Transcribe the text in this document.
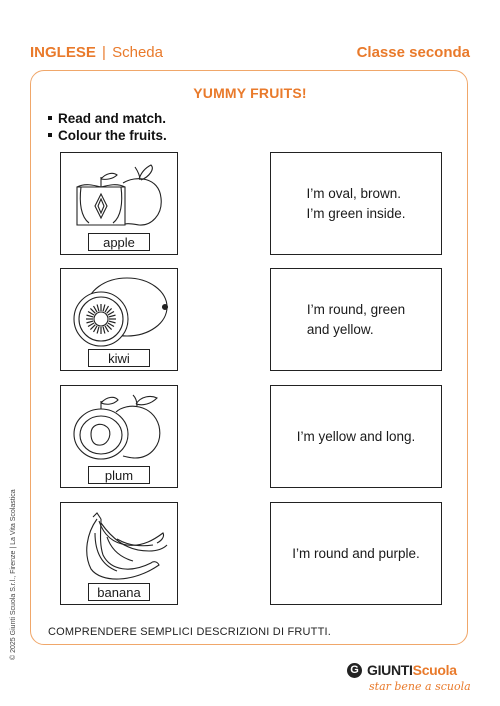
INGLESE | Scheda	Classe seconda
YUMMY FRUITS!
Read and match.
Colour the fruits.
apple
kiwi
plum
banana
I’m oval, brown.
I’m green inside.
I’m round, green
and yellow.
I’m yellow and long.
I’m round and purple.
COMPRENDERE SEMPLICI DESCRIZIONI DI FRUTTI.
© 2025 Giunti Scuola S.r.l., Firenze | La Vita Scolastica
G GIUNTIScuola
star bene a scuola
